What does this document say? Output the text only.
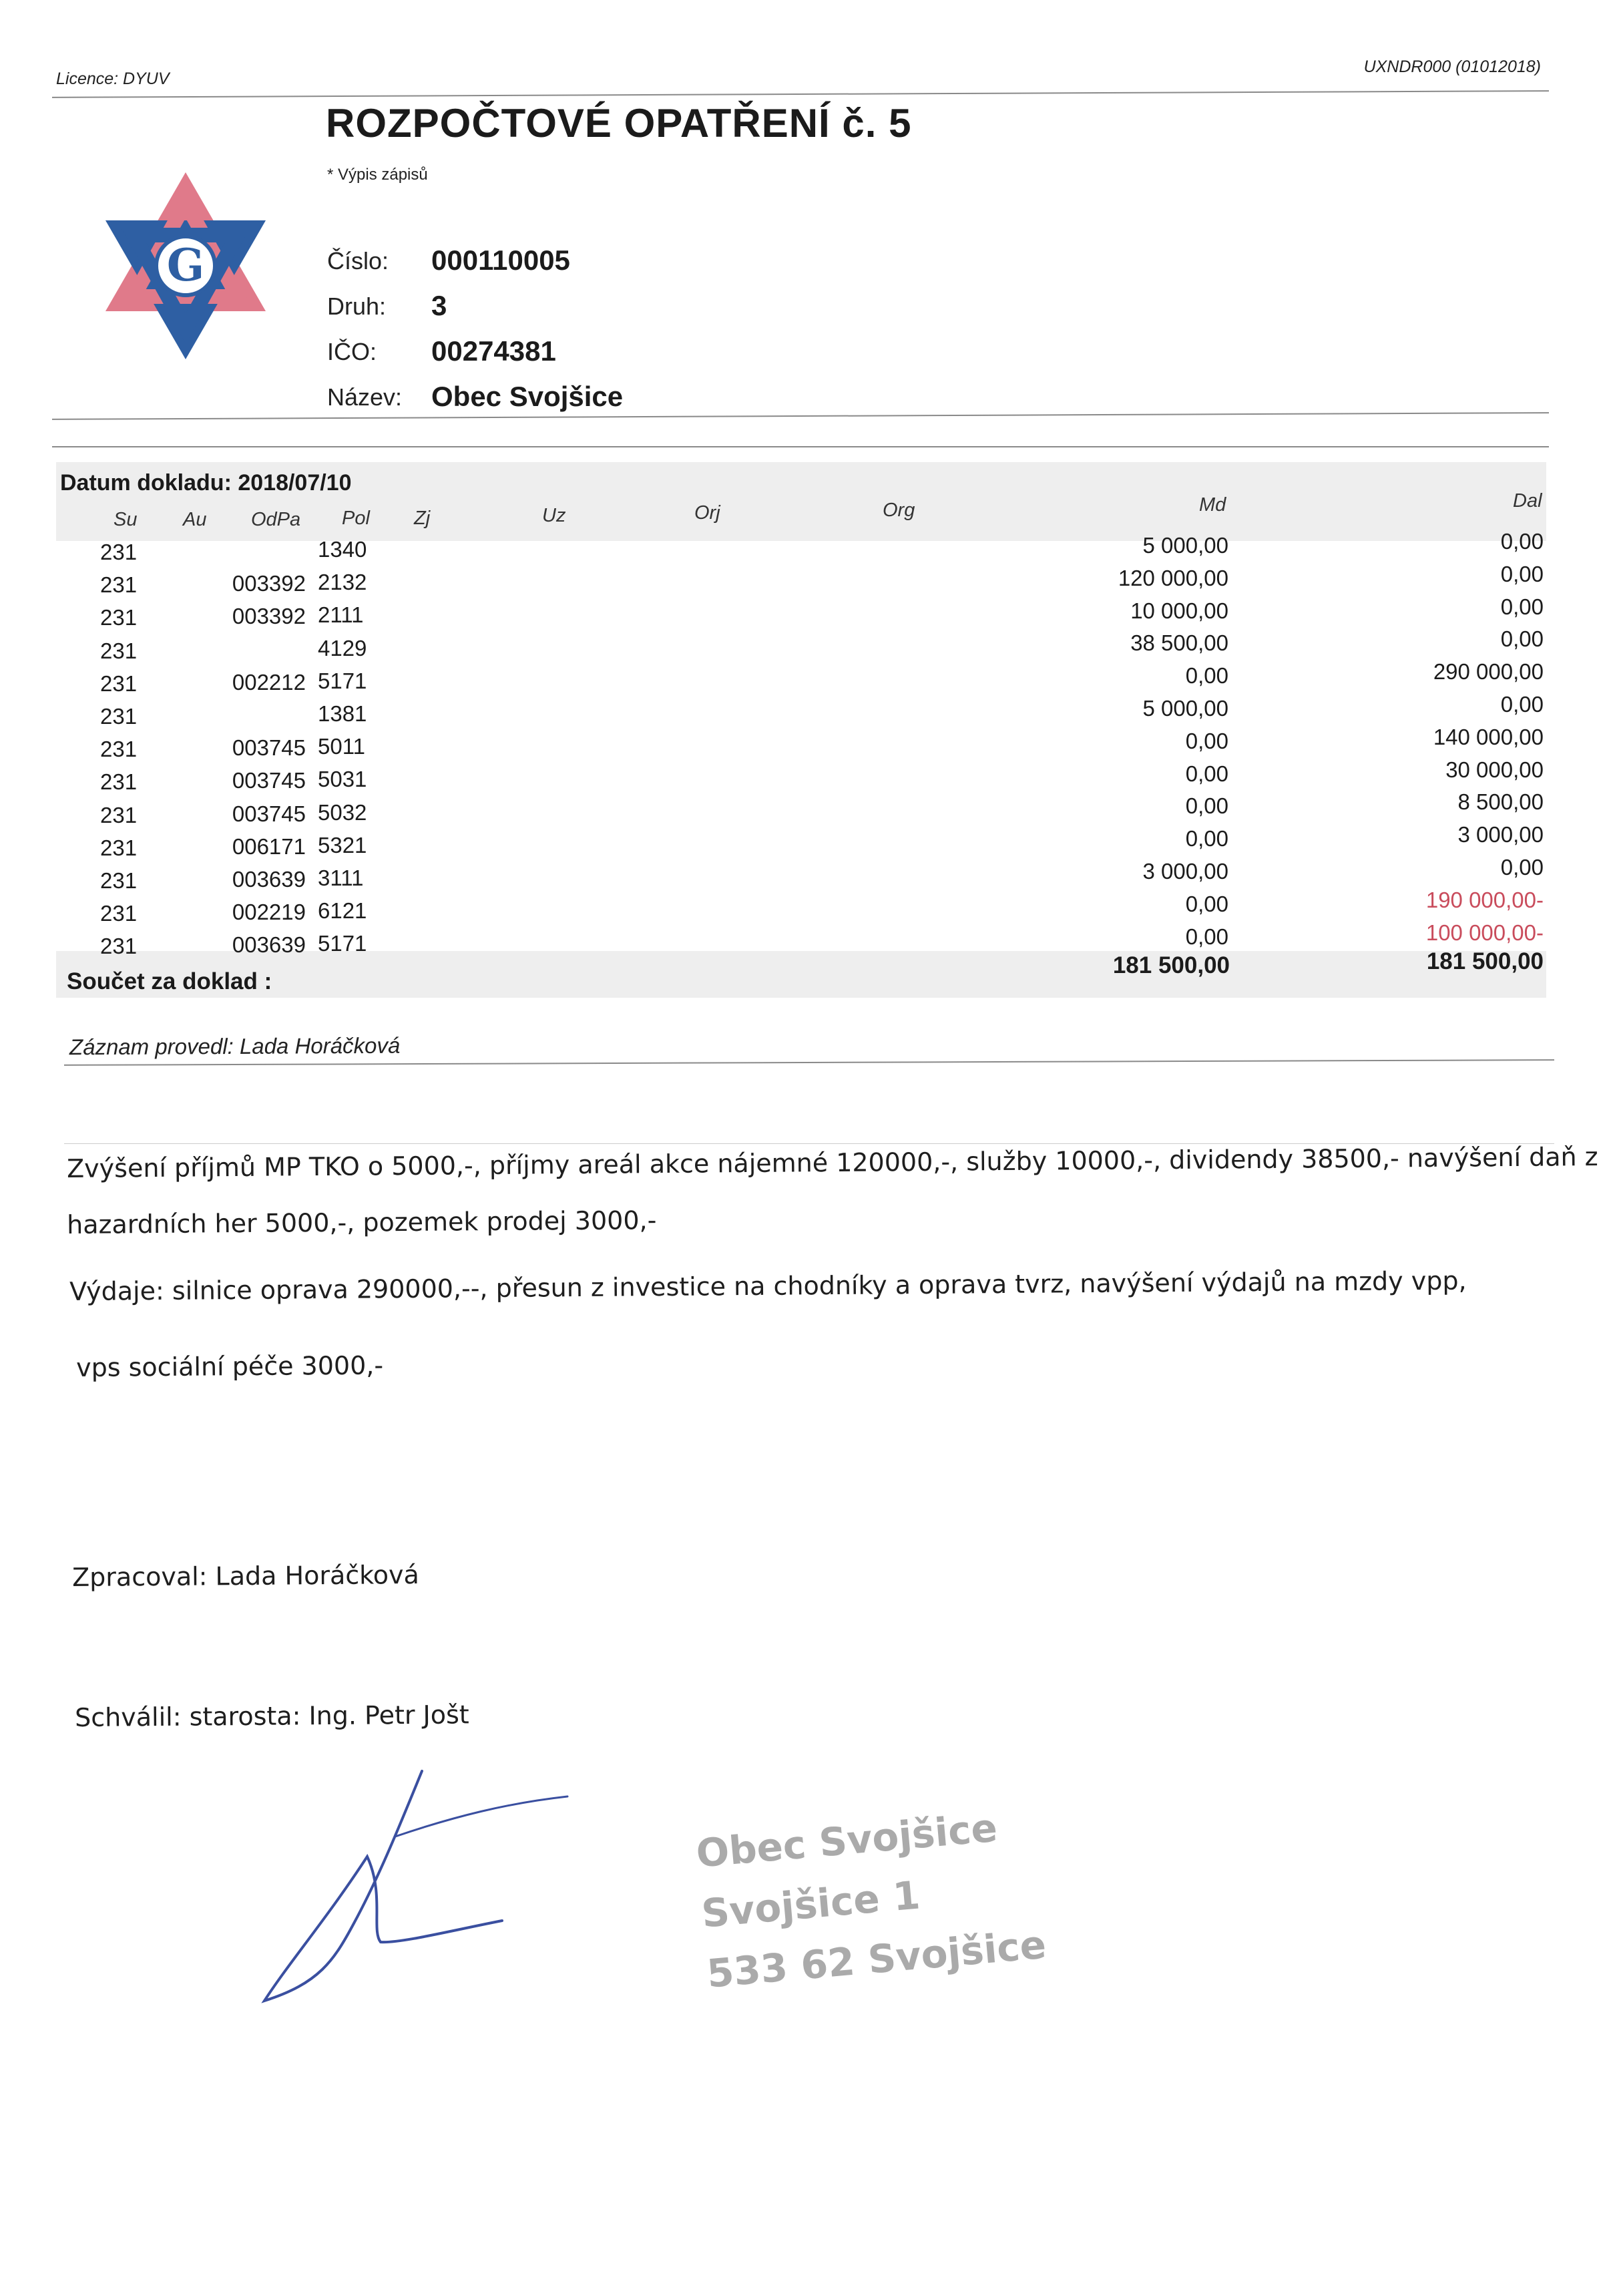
Licence: DYUV
UXNDR000 (01012018)
G
ROZPOČTOVÉ OPATŘENÍ č. 5
* Výpis zápisů
Číslo: 000110005
Druh: 3
IČO: 00274381
Název: Obec Svojšice
Datum dokladu: 2018/07/10
Su Au OdPa Pol Zj	Uz	Orj	Org	Md	Dal
231	1340	5 000,00	0,00
231	003392 2132	120 000,00	0,00
231	003392 2111	10 000,00	0,00
231	4129	38 500,00	0,00
231	002212 5171	0,00	290 000,00
231	1381	5 000,00	0,00
231	003745 5011	0,00	140 000,00
231	003745 5031	0,00	30 000,00
231	003745 5032	0,00	8 500,00
231	006171 5321	0,00	3 000,00
231	003639 3111	3 000,00	0,00
231	002219 6121	0,00	190 000,00-
231	003639 5171	0,00	100 000,00-
Součet za doklad :
181 500,00	181 500,00
Záznam provedl: Lada Horáčková
Zvýšení příjmů MP TKO o 5000,-, příjmy areál akce nájemné 120000,-, služby 10000,-, dividendy 38500,- navýšení daň z
hazardních her 5000,-, pozemek prodej 3000,-
Výdaje: silnice oprava 290000,--, přesun z investice na chodníky a oprava tvrz, navýšení výdajů na mzdy vpp,
vps sociální péče 3000,-
Zpracoval: Lada Horáčková
Schválil: starosta: Ing. Petr Jošt
Obec Svojšice
Svojšice 1
533 62 Svojšice
